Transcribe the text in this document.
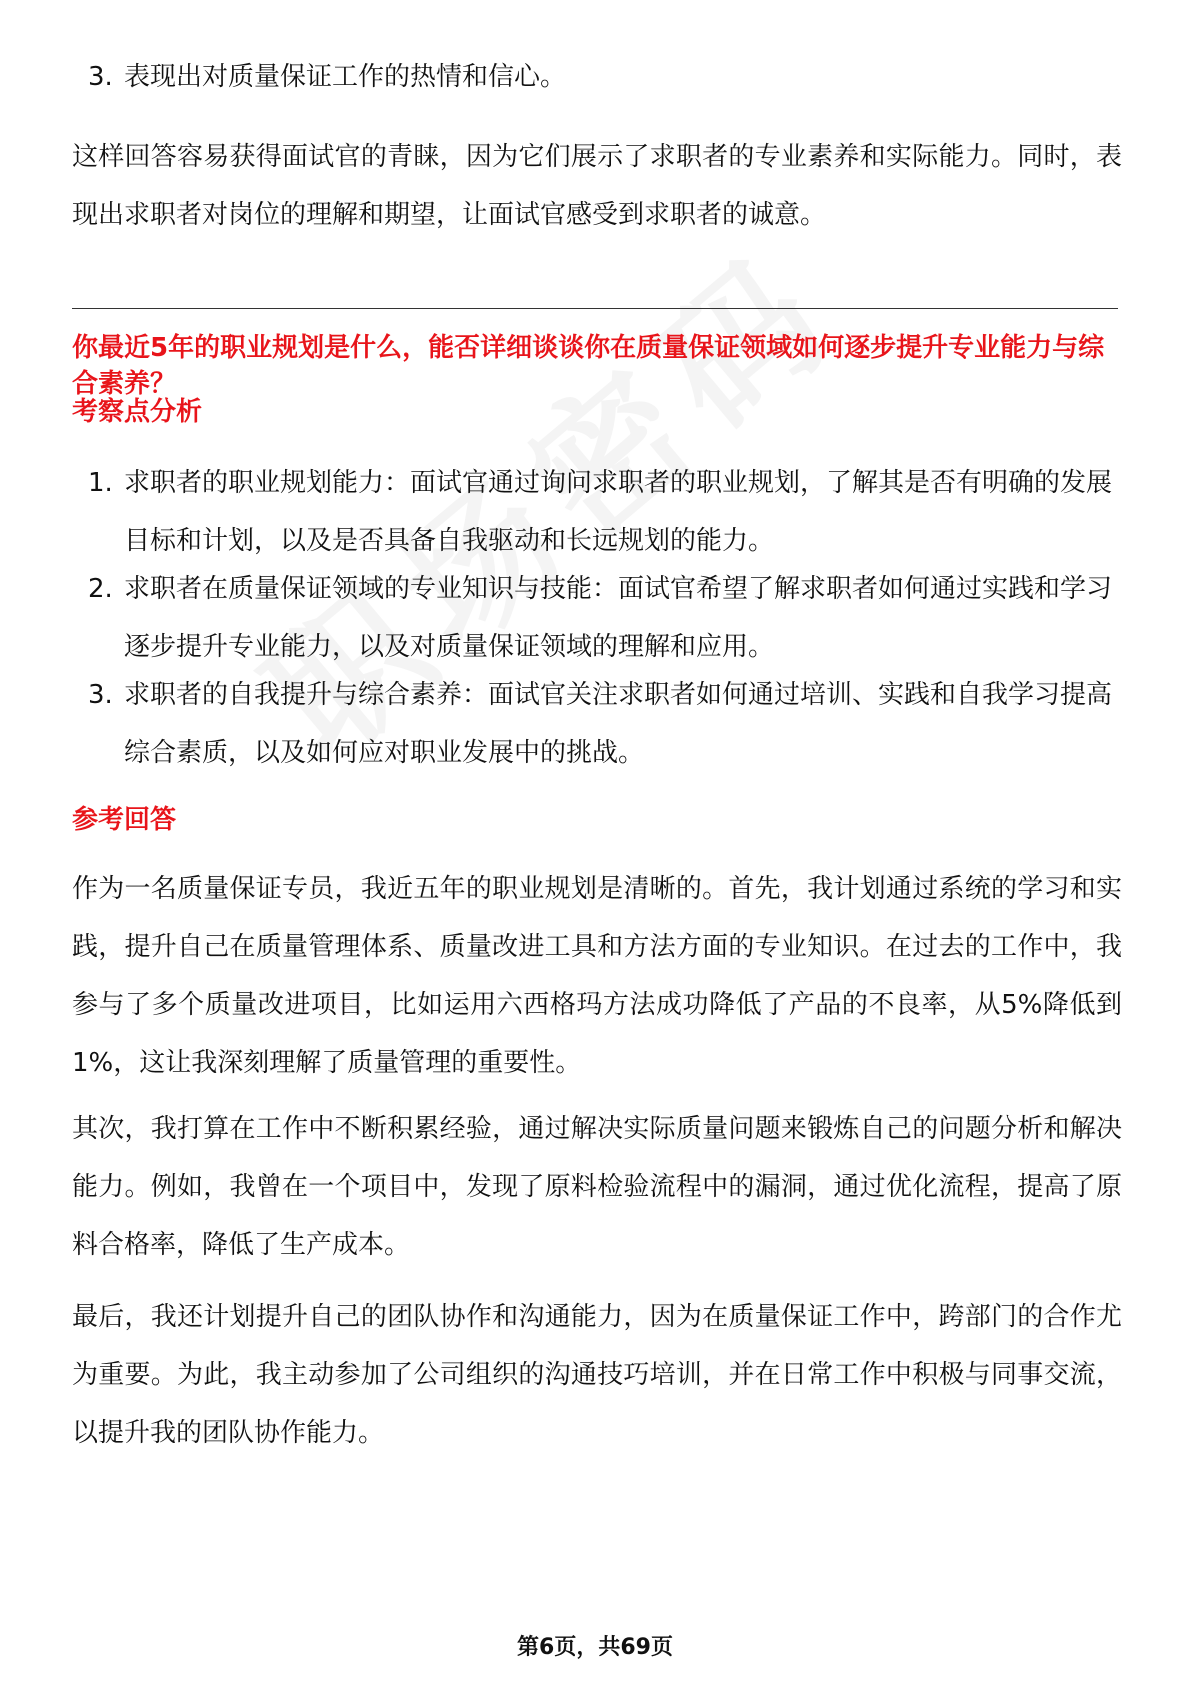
3. 表现出对质量保证工作的热情和信心。
这样回答容易获得面试官的青睐，因为它们展示了求职者的专业素养和实际能力。同时，表现出求职者对岗位的理解和期望，让面试官感受到求职者的诚意。
你最近5年的职业规划是什么，能否详细谈谈你在质量保证领域如何逐步提升专业能力与综合素养？
考察点分析
1. 求职者的职业规划能力：面试官通过询问求职者的职业规划，了解其是否有明确的发展目标和计划，以及是否具备自我驱动和长远规划的能力。
2. 求职者在质量保证领域的专业知识与技能：面试官希望了解求职者如何通过实践和学习逐步提升专业能力，以及对质量保证领域的理解和应用。
3. 求职者的自我提升与综合素养：面试官关注求职者如何通过培训、实践和自我学习提高综合素质，以及如何应对职业发展中的挑战。
参考回答
作为一名质量保证专员，我近五年的职业规划是清晰的。首先，我计划通过系统的学习和实践，提升自己在质量管理体系、质量改进工具和方法方面的专业知识。在过去的工作中，我参与了多个质量改进项目，比如运用六西格玛方法成功降低了产品的不良率，从5%降低到1%，这让我深刻理解了质量管理的重要性。
其次，我打算在工作中不断积累经验，通过解决实际质量问题来锻炼自己的问题分析和解决能力。例如，我曾在一个项目中，发现了原料检验流程中的漏洞，通过优化流程，提高了原料合格率，降低了生产成本。
最后，我还计划提升自己的团队协作和沟通能力，因为在质量保证工作中，跨部门的合作尤为重要。为此，我主动参加了公司组织的沟通技巧培训，并在日常工作中积极与同事交流，以提升我的团队协作能力。
第6页，共69页
